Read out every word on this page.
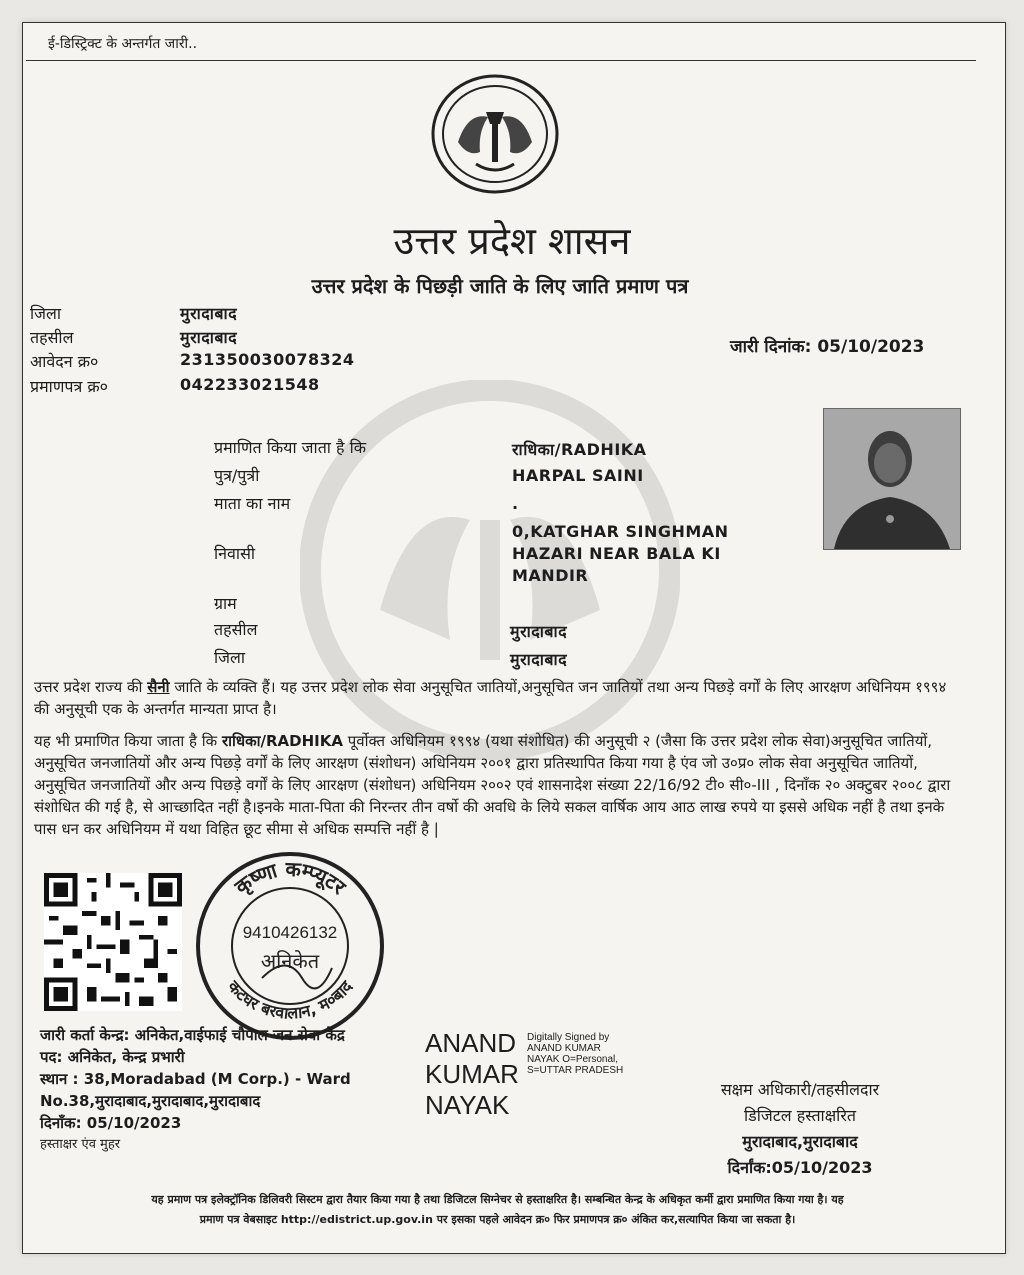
ई-डिस्ट्रिक्ट के अन्तर्गत जारी..
उत्तर प्रदेश शासन
उत्तर प्रदेश के पिछड़ी जाति के लिए जाति प्रमाण पत्र
जिला	मुरादाबाद
तहसील	मुरादाबाद
आवेदन क्र०	231350030078324
प्रमाणपत्र क्र०	042233021548
जारी दिनांक: 05/10/2023
प्रमाणित किया जाता है कि	राधिका/RADHIKA
पुत्र/पुत्री	HARPAL SAINI
माता का नाम	.
निवासी
0,KATGHAR SINGHMAN
HAZARI NEAR BALA KI
MANDIR
ग्राम
तहसील	मुरादाबाद
जिला	मुरादाबाद
उत्तर प्रदेश राज्य की सैनी जाति के व्यक्ति हैं। यह उत्तर प्रदेश लोक सेवा अनुसूचित जातियों,अनुसूचित जन जातियों तथा अन्य पिछड़े वर्गों के लिए आरक्षण अधिनियम १९९४ की अनुसूची एक के अन्तर्गत मान्यता प्राप्त है।
यह भी प्रमाणित किया जाता है कि राधिका/RADHIKA पूर्वोक्त अधिनियम १९९४ (यथा संशोधित) की अनुसूची २ (जैसा कि उत्तर प्रदेश लोक सेवा)अनुसूचित जातियों, अनुसूचित जनजातियों और अन्य पिछड़े वर्गों के लिए आरक्षण (संशोधन) अधिनियम २००१ द्वारा प्रतिस्थापित किया गया है एंव जो उ०प्र० लोक सेवा अनुसूचित जातियों, अनुसूचित जनजातियों और अन्य पिछड़े वर्गों के लिए आरक्षण (संशोधन) अधिनियम २००२ एवं शासनादेश संख्या 22/16/92 टी० सी०-III , दिनाँक २० अक्टुबर २००८ द्वारा संशोधित की गई है, से आच्छादित नहीं है।इनके माता-पिता की निरन्तर तीन वर्षो की अवधि के लिये सकल वार्षिक आय आठ लाख रुपये या इससे अधिक नहीं है तथा इनके पास धन कर अधिनियम में यथा विहित छूट सीमा से अधिक सम्पत्ति नहीं है |
कृष्णा कम्प्यूटर
कटघर बरवालान, म०बाद
9410426132
अनिकेत
जारी कर्ता केन्द्र: अनिकेत,वाईफाई चौपाल जन सेवा केंद्र
पद: अनिकेत, केन्द्र प्रभारी
स्थान : 38,Moradabad (M Corp.) - Ward
No.38,मुरादाबाद,मुरादाबाद,मुरादाबाद
दिनाँक: 05/10/2023
हस्ताक्षर एंव मुहर
ANAND
KUMAR
NAYAK
Digitally Signed by
ANAND KUMAR
NAYAK O=Personal,
S=UTTAR PRADESH
सक्षम अधिकारी/तहसीलदार
डिजिटल हस्ताक्षरित
मुरादाबाद,मुरादाबाद
दिर्नांक:05/10/2023
यह प्रमाण पत्र इलेक्ट्रॉनिक डिलिवरी सिस्टम द्वारा तैयार किया गया है तथा डिजिटल सिग्नेचर से हस्ताक्षरित है। सम्बन्धित केन्द्र के अधिकृत कर्मी द्वारा प्रमाणित किया गया है। यह
प्रमाण पत्र वेबसाइट http://edistrict.up.gov.in पर इसका पहले आवेदन क्र० फिर प्रमाणपत्र क्र० अंकित कर,सत्यापित किया जा सकता है।
